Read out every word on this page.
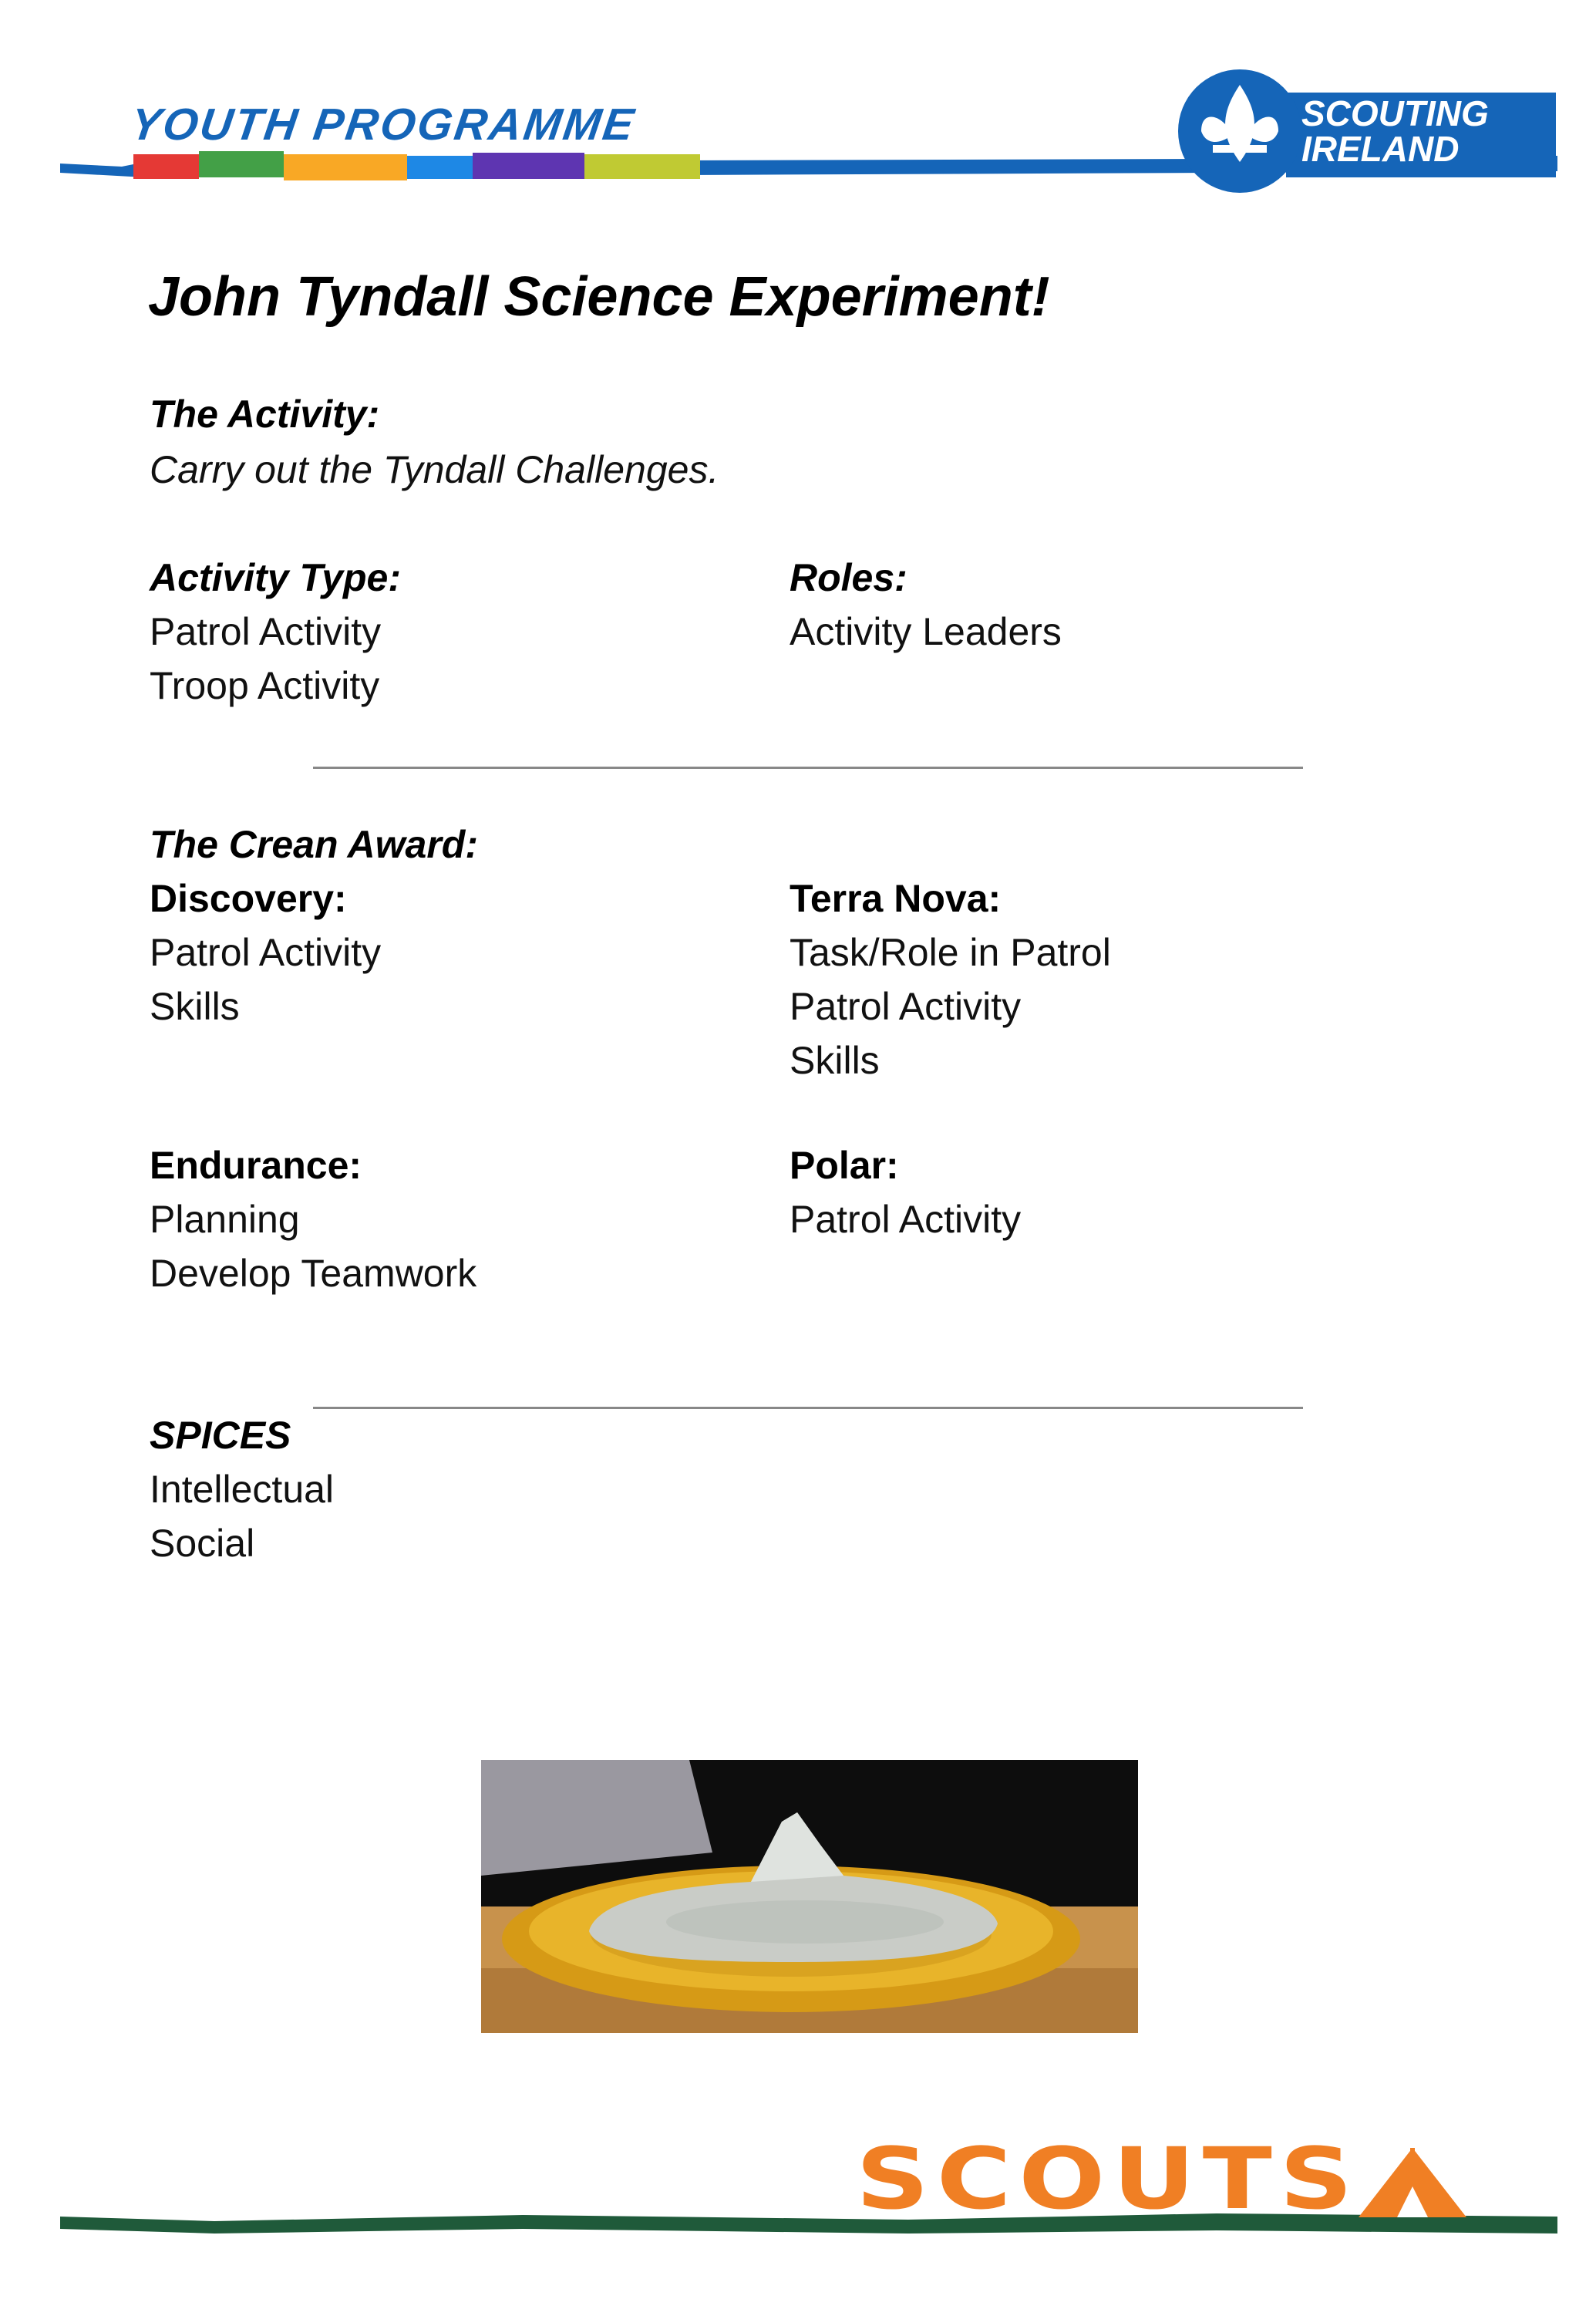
YOUTH PROGRAMME	SCOUTING
IRELAND
John Tyndall Science Experiment!
The Activity:
Carry out the Tyndall Challenges.
Activity Type:
Patrol Activity
Troop Activity
Roles:
Activity Leaders
The Crean Award:
Discovery:
Patrol Activity
Skills
Terra Nova:
Task/Role in Patrol
Patrol Activity
Skills
Endurance:
Planning
Develop Teamwork
Polar:
Patrol Activity
SPICES
Intellectual
Social
SCOUTS
